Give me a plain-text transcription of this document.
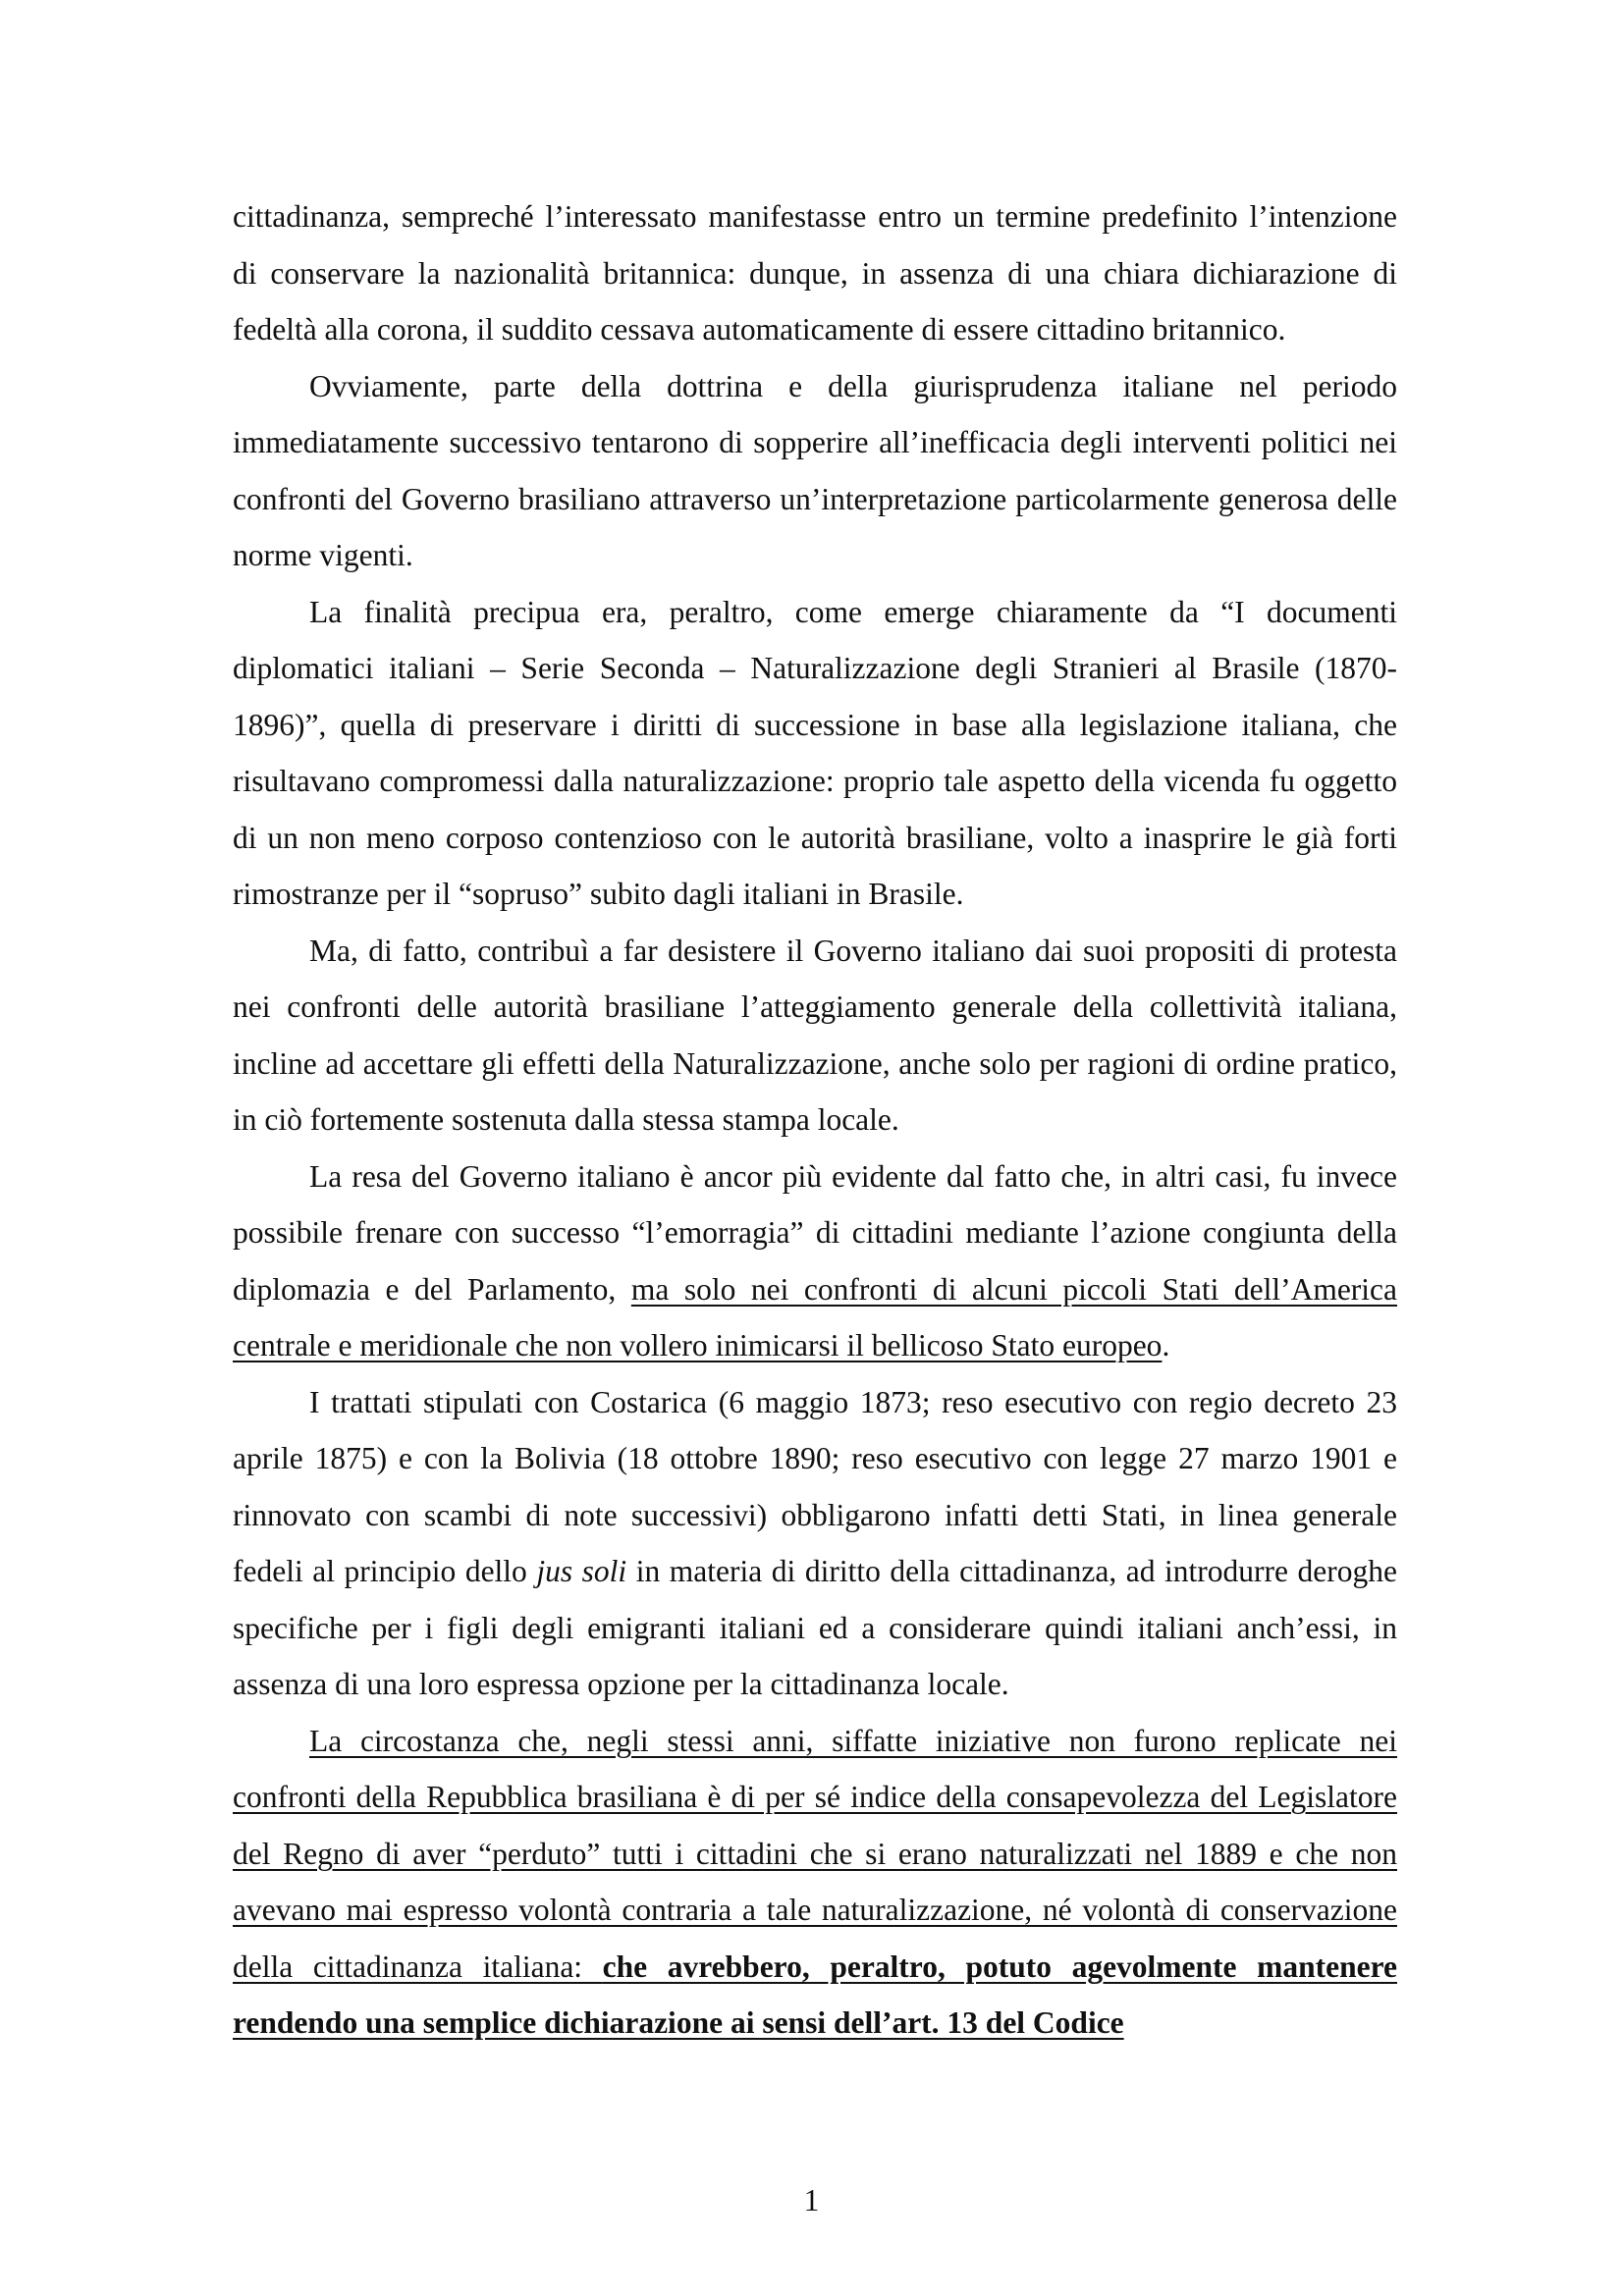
cittadinanza, sempreché l’interessato manifestasse entro un termine predefinito l’intenzione di conservare la nazionalità britannica: dunque, in assenza di una chiara dichiarazione di fedeltà alla corona, il suddito cessava automaticamente di essere cittadino britannico.

Ovviamente, parte della dottrina e della giurisprudenza italiane nel periodo immediatamente successivo tentarono di sopperire all’inefficacia degli interventi politici nei confronti del Governo brasiliano attraverso un’interpretazione particolarmente generosa delle norme vigenti.

La finalità precipua era, peraltro, come emerge chiaramente da “I documenti diplomatici italiani – Serie Seconda – Naturalizzazione degli Stranieri al Brasile (1870-1896)”, quella di preservare i diritti di successione in base alla legislazione italiana, che risultavano compromessi dalla naturalizzazione: proprio tale aspetto della vicenda fu oggetto di un non meno corposo contenzioso con le autorità brasiliane, volto a inasprire le già forti rimostranze per il “sopruso” subito dagli italiani in Brasile.

Ma, di fatto, contribuì a far desistere il Governo italiano dai suoi propositi di protesta nei confronti delle autorità brasiliane l’atteggiamento generale della collettività italiana, incline ad accettare gli effetti della Naturalizzazione, anche solo per ragioni di ordine pratico, in ciò fortemente sostenuta dalla stessa stampa locale.

La resa del Governo italiano è ancor più evidente dal fatto che, in altri casi, fu invece possibile frenare con successo “l’emorragia” di cittadini mediante l’azione congiunta della diplomazia e del Parlamento, ma solo nei confronti di alcuni piccoli Stati dell’America centrale e meridionale che non vollero inimicarsi il bellicoso Stato europeo.

I trattati stipulati con Costarica (6 maggio 1873; reso esecutivo con regio decreto 23 aprile 1875) e con la Bolivia (18 ottobre 1890; reso esecutivo con legge 27 marzo 1901 e rinnovato con scambi di note successivi) obbligarono infatti detti Stati, in linea generale fedeli al principio dello jus soli in materia di diritto della cittadinanza, ad introdurre deroghe specifiche per i figli degli emigranti italiani ed a considerare quindi italiani anch’essi, in assenza di una loro espressa opzione per la cittadinanza locale.

La circostanza che, negli stessi anni, siffatte iniziative non furono replicate nei confronti della Repubblica brasiliana è di per sé indice della consapevolezza del Legislatore del Regno di aver “perduto” tutti i cittadini che si erano naturalizzati nel 1889 e che non avevano mai espresso volontà contraria a tale naturalizzazione, né volontà di conservazione della cittadinanza italiana: che avrebbero, peraltro, potuto agevolmente mantenere rendendo una semplice dichiarazione ai sensi dell’art. 13 del Codice

1
